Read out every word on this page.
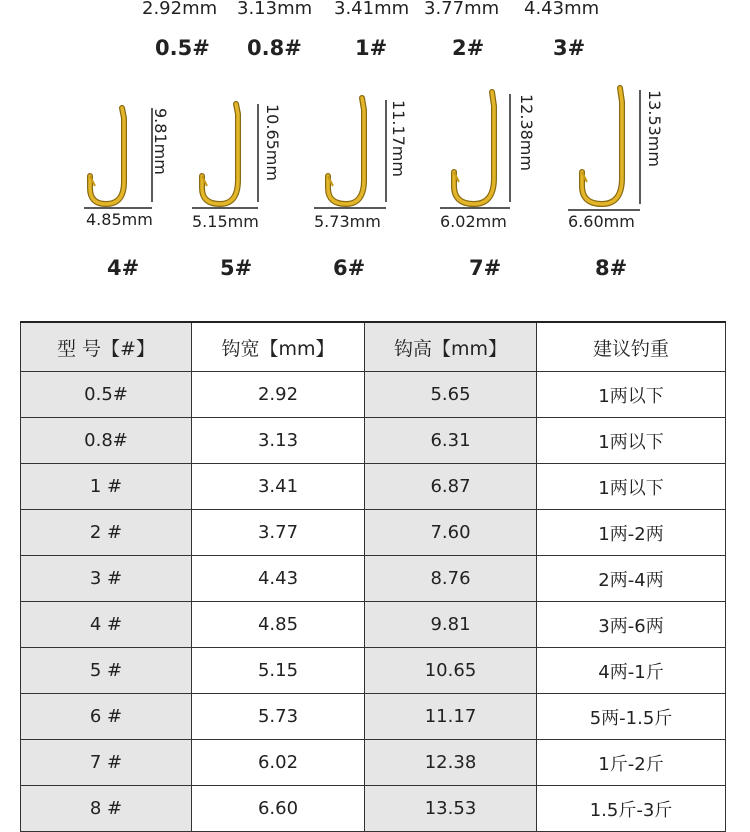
2.92mm 3.13mm 3.41mm 3.77mm 4.43mm
0.5# 0.8#	1#	2#	3#
4.85mm
9.81mm
5.15mm
10.65mm
5.73mm
11.17mm
6.02mm
12.38mm
6.60mm
13.53mm
4#	5#	6#	7#	8#
型 号【#】	钩宽【mm】	钩高【mm】	建议钓重
0.5#	2.92	5.65	1两以下
0.8#	3.13	6.31	1两以下
1 #	3.41	6.87	1两以下
2 #	3.77	7.60	1两-2两
3 #	4.43	8.76	2两-4两
4 #	4.85	9.81	3两-6两
5 #	5.15	10.65	4两-1斤
6 #	5.73	11.17	5两-1.5斤
7 #	6.02	12.38	1斤-2斤
8 #	6.60	13.53	1.5斤-3斤
